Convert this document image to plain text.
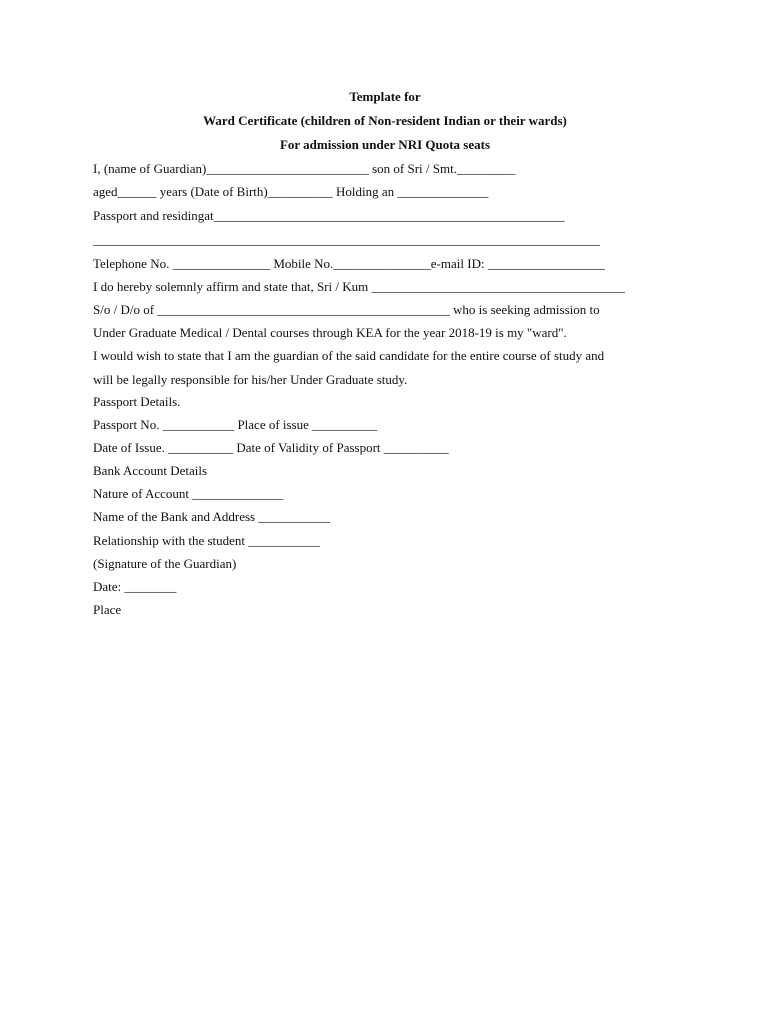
Template for
Ward Certificate (children of Non-resident Indian or their wards)
For admission under NRI Quota seats
I, (name of Guardian)_________________________ son of Sri / Smt._________
aged______ years (Date of Birth)__________ Holding an ______________
Passport and residingat______________________________________________________
______________________________________________________________________________
Telephone No. _______________ Mobile No._______________e-mail ID: __________________
I do hereby solemnly affirm and state that, Sri / Kum _______________________________________
S/o / D/o of _____________________________________________ who is seeking admission to
Under Graduate Medical / Dental courses through KEA for the year 2018-19 is my "ward".
I would wish to state that I am the guardian of the said candidate for the entire course of study and
will be legally responsible for his/her Under Graduate study.
Passport Details.
Passport No. ___________ Place of issue __________
Date of Issue. __________ Date of Validity of Passport __________
Bank Account Details
Nature of Account ______________
Name of the Bank and Address ___________
Relationship with the student ___________
(Signature of the Guardian)
Date: ________
Place
